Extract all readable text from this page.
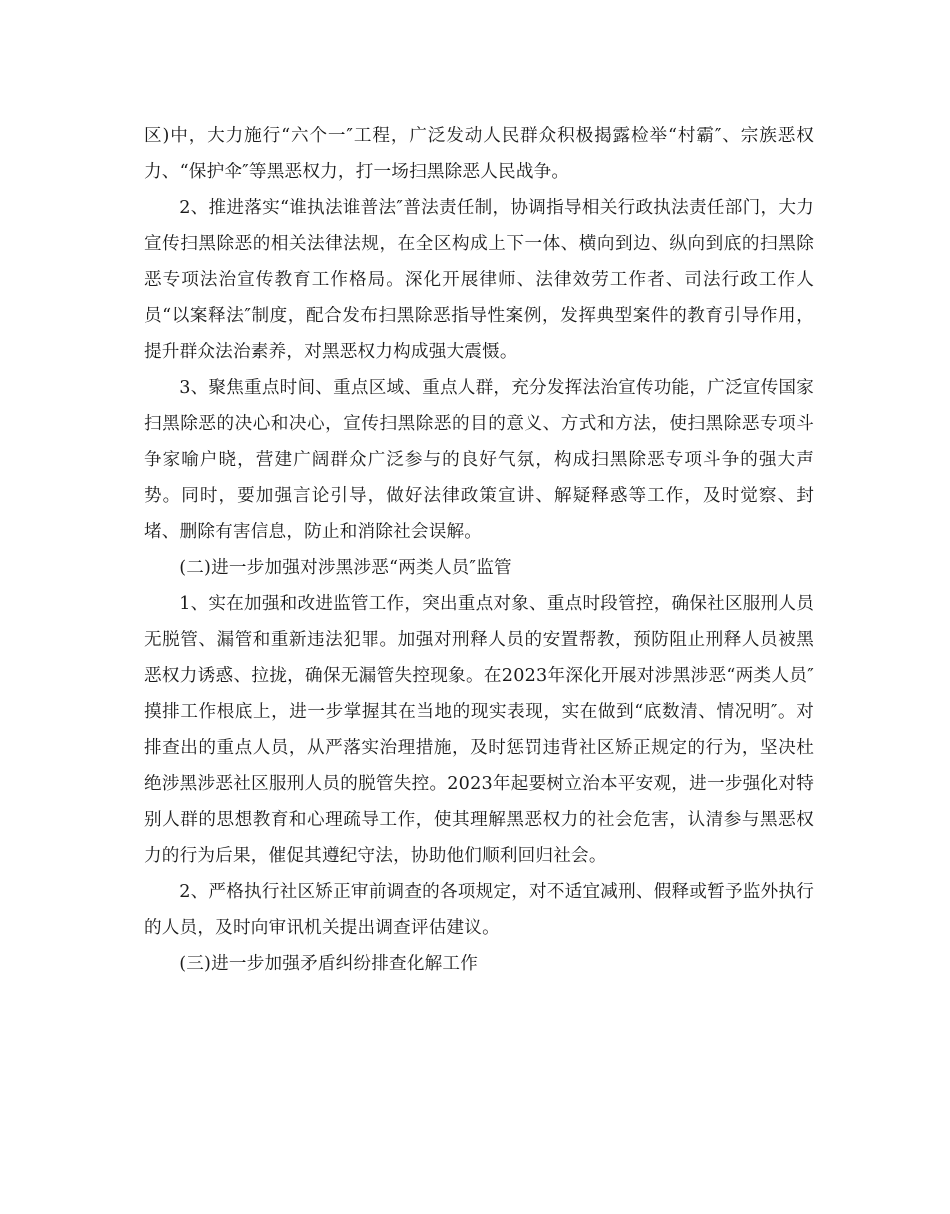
区)中，大力施行“六个一″工程，广泛发动人民群众积极揭露检举“村霸″、宗族恶权力、“保护伞″等黑恶权力，打一场扫黑除恶人民战争。

2、推进落实“谁执法谁普法″普法责任制，协调指导相关行政执法责任部门，大力宣传扫黑除恶的相关法律法规，在全区构成上下一体、横向到边、纵向到底的扫黑除恶专项法治宣传教育工作格局。深化开展律师、法律效劳工作者、司法行政工作人员“以案释法″制度，配合发布扫黑除恶指导性案例，发挥典型案件的教育引导作用，提升群众法治素养，对黑恶权力构成强大震慑。

3、聚焦重点时间、重点区域、重点人群，充分发挥法治宣传功能，广泛宣传国家扫黑除恶的决心和决心，宣传扫黑除恶的目的意义、方式和方法，使扫黑除恶专项斗争家喻户晓，营建广阔群众广泛参与的良好气氛，构成扫黑除恶专项斗争的强大声势。同时，要加强言论引导，做好法律政策宣讲、解疑释惑等工作，及时觉察、封堵、删除有害信息，防止和消除社会误解。

(二)进一步加强对涉黑涉恶“两类人员″监管

1、实在加强和改进监管工作，突出重点对象、重点时段管控，确保社区服刑人员无脱管、漏管和重新违法犯罪。加强对刑释人员的安置帮教，预防阻止刑释人员被黑恶权力诱惑、拉拢，确保无漏管失控现象。在2023年深化开展对涉黑涉恶“两类人员″摸排工作根底上，进一步掌握其在当地的现实表现，实在做到“底数清、情况明″。对排查出的重点人员，从严落实治理措施，及时惩罚违背社区矫正规定的行为，坚决杜绝涉黑涉恶社区服刑人员的脱管失控。2023年起要树立治本平安观，进一步强化对特别人群的思想教育和心理疏导工作，使其理解黑恶权力的社会危害，认清参与黑恶权力的行为后果，催促其遵纪守法，协助他们顺利回归社会。

2、严格执行社区矫正审前调查的各项规定，对不适宜减刑、假释或暂予监外执行的人员，及时向审讯机关提出调查评估建议。

(三)进一步加强矛盾纠纷排查化解工作
